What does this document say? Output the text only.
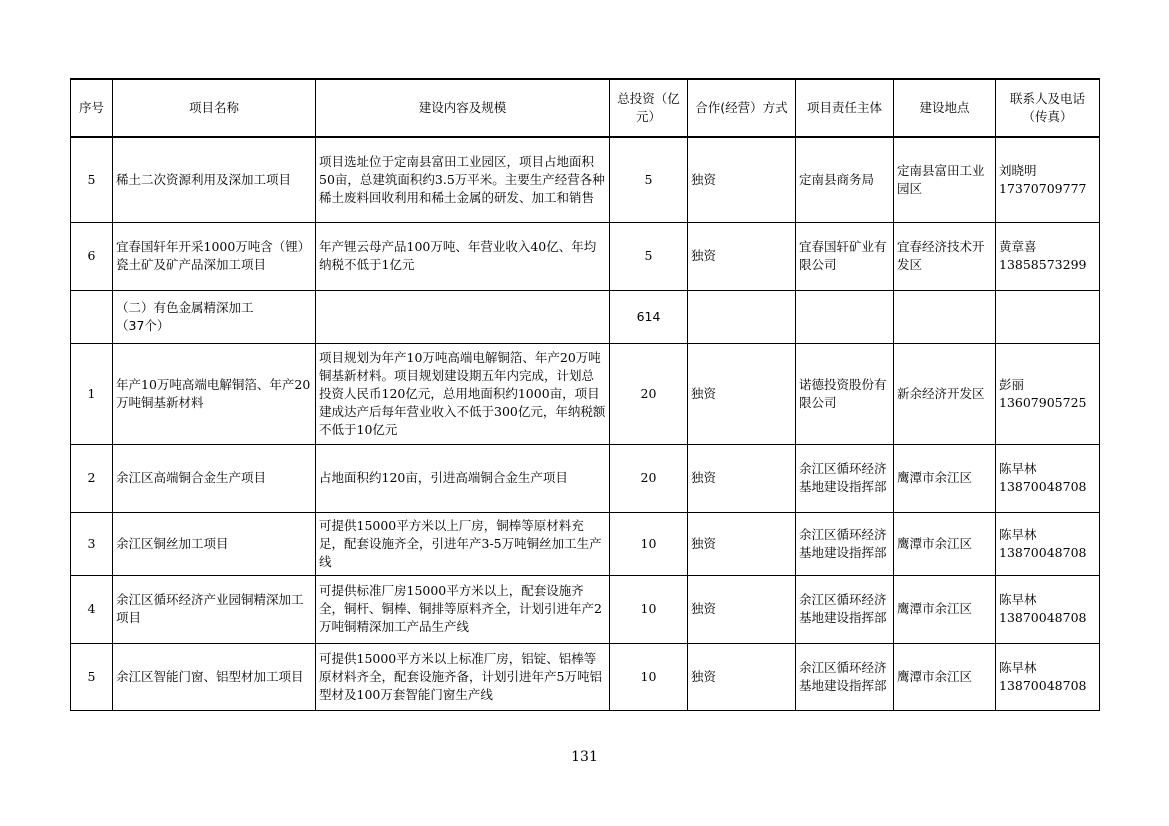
序号	项目名称	建设内容及规模	总投资（亿元）	合作(经营）方式	项目责任主体	建设地点	联系人及电话（传真）
5	稀土二次资源利用及深加工项目	项目选址位于定南县富田工业园区，项目占地面积50亩，总建筑面积约3.5万平米。主要生产经营各种稀土废料回收利用和稀土金属的研发、加工和销售	5	独资	定南县商务局	定南县富田工业园区	刘晓明
17370709777

6	宜春国轩年开采1000万吨含（锂）瓷土矿及矿产品深加工项目	年产锂云母产品100万吨、年营业收入40亿、年均纳税不低于1亿元	5	独资	宜春国轩矿业有限公司	宜春经济技术开发区	黄章喜
13858573299

	（二）有色金属精深加工
（37个）		614				
1	年产10万吨高端电解铜箔、年产20万吨铜基新材料	项目规划为年产10万吨高端电解铜箔、年产20万吨铜基新材料。项目规划建设期五年内完成，计划总投资人民币120亿元，总用地面积约1000亩，项目建成达产后每年营业收入不低于300亿元，年纳税额不低于10亿元	20	独资	诺德投资股份有限公司	新余经济开发区	彭丽
13607905725

2	余江区高端铜合金生产项目	占地面积约120亩，引进高端铜合金生产项目	20	独资	余江区循环经济基地建设指挥部	鹰潭市余江区	陈早林
13870048708

3	余江区铜丝加工项目	可提供15000平方米以上厂房，铜棒等原材料充足，配套设施齐全，引进年产3-5万吨铜丝加工生产线	10	独资	余江区循环经济基地建设指挥部	鹰潭市余江区	陈早林
13870048708

4	余江区循环经济产业园铜精深加工项目	可提供标准厂房15000平方米以上，配套设施齐全，铜杆、铜棒、铜排等原料齐全，计划引进年产2万吨铜精深加工产品生产线	10	独资	余江区循环经济基地建设指挥部	鹰潭市余江区	陈早林
13870048708

5	余江区智能门窗、铝型材加工项目	可提供15000平方米以上标准厂房，铝锭、铝棒等原材料齐全，配套设施齐备，计划引进年产5万吨铝型材及100万套智能门窗生产线	10	独资	余江区循环经济基地建设指挥部	鹰潭市余江区	陈早林
13870048708
131
